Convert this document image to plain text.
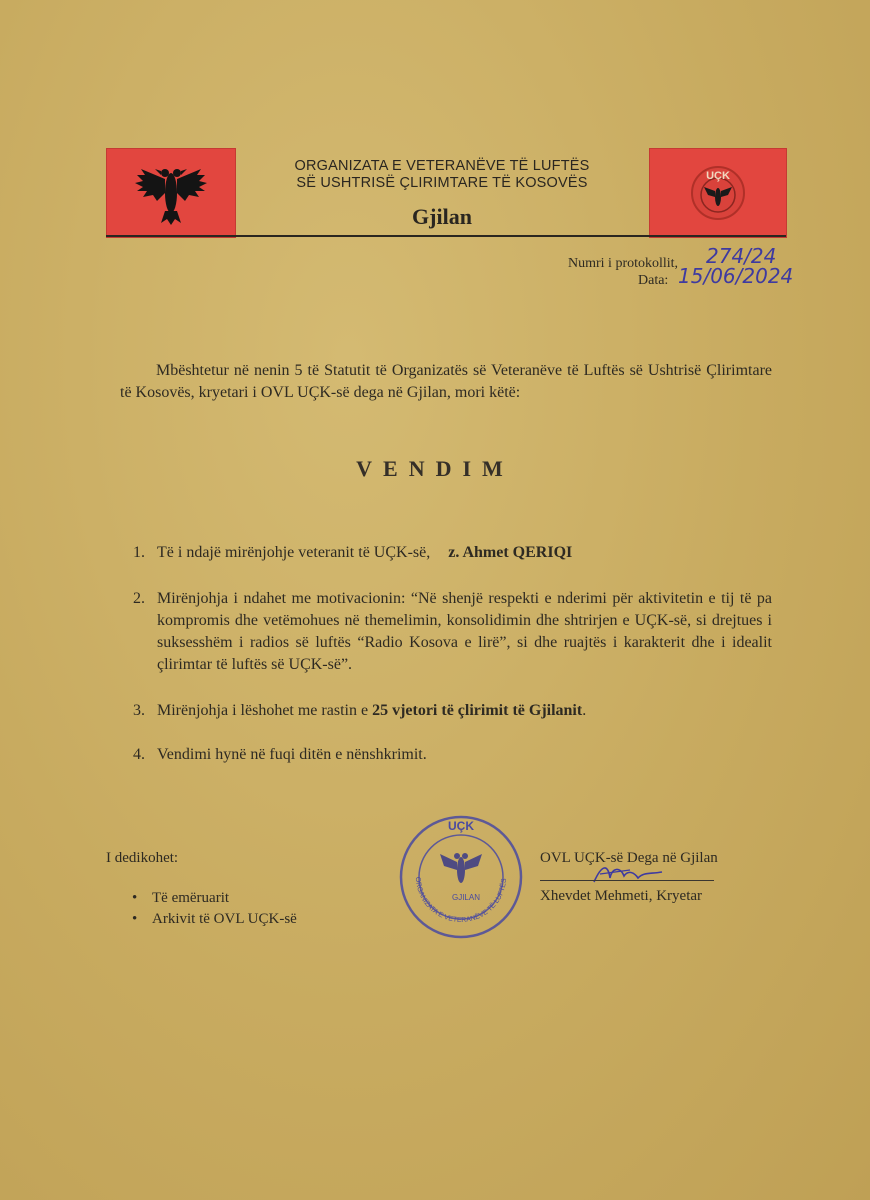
ORGANIZATA E VETERANËVE TË LUFTËS
SË USHTRISË ÇLIRIMTARE TË KOSOVËS
Gjilan
UÇK
Numri i protokollit, 274/24
Data: 15/06/2024
Mbështetur në nenin 5 të Statutit të Organizatës së Veteranëve të Luftës së Ushtrisë Çlirimtare të Kosovës, kryetari i OVL UÇK-së dega në Gjilan, mori këtë:
VENDIM
1. Të i ndajë mirënjohje veteranit të UÇK-së, z. Ahmet QERIQI
2. Mirënjohja i ndahet me motivacionin: “Në shenjë respekti e nderimi për aktivitetin e tij të pa kompromis dhe vetëmohues në themelimin, konsolidimin dhe shtrirjen e UÇK-së, si drejtues i suksesshëm i radios së luftës “Radio Kosova e lirë”, si dhe ruajtës i karakterit dhe i idealit çlirimtar të luftës së UÇK-së”.
3. Mirënjohja i lëshohet me rastin e 25 vjetori të çlirimit të Gjilanit.
4. Vendimi hynë në fuqi ditën e nënshkrimit.
I dedikohet:
• Të emëruarit
• Arkivit të OVL UÇK-së
UÇK
ORGANIZATA E VETERANËVE TË LUFTËS
GJILAN
OVL UÇK-së Dega në Gjilan
Xhevdet Mehmeti, Kryetar
